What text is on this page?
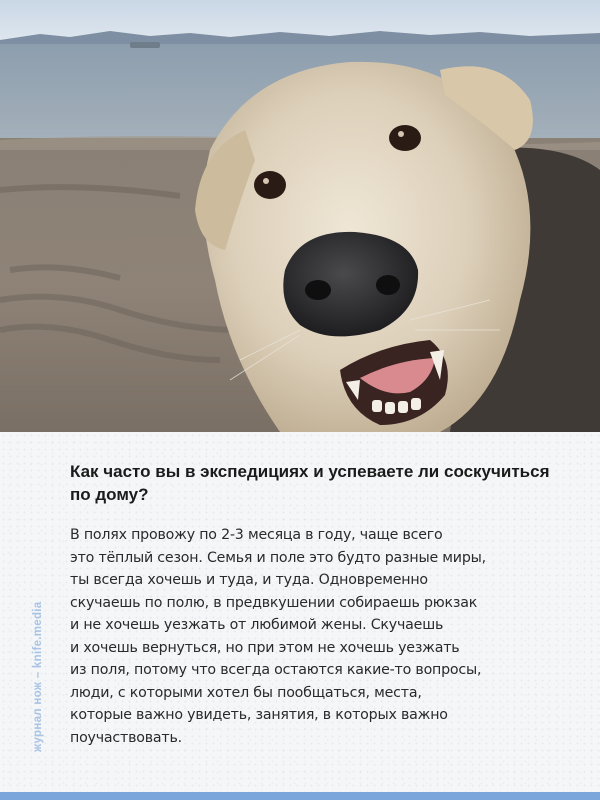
Как часто вы в экспедициях и успеваете ли соскучиться по дому?
В полях провожу по 2-3 месяца в году, чаще всего
это тёплый сезон. Семья и поле это будто разные миры,
ты всегда хочешь и туда, и туда. Одновременно
скучаешь по полю, в предвкушении собираешь рюкзак
и не хочешь уезжать от любимой жены. Скучаешь
и хочешь вернуться, но при этом не хочешь уезжать
из поля, потому что всегда остаются какие-то вопросы,
люди, с которыми хотел бы пообщаться, места,
которые важно увидеть, занятия, в которых важно
поучаствовать.
журнал нож – knife.media
